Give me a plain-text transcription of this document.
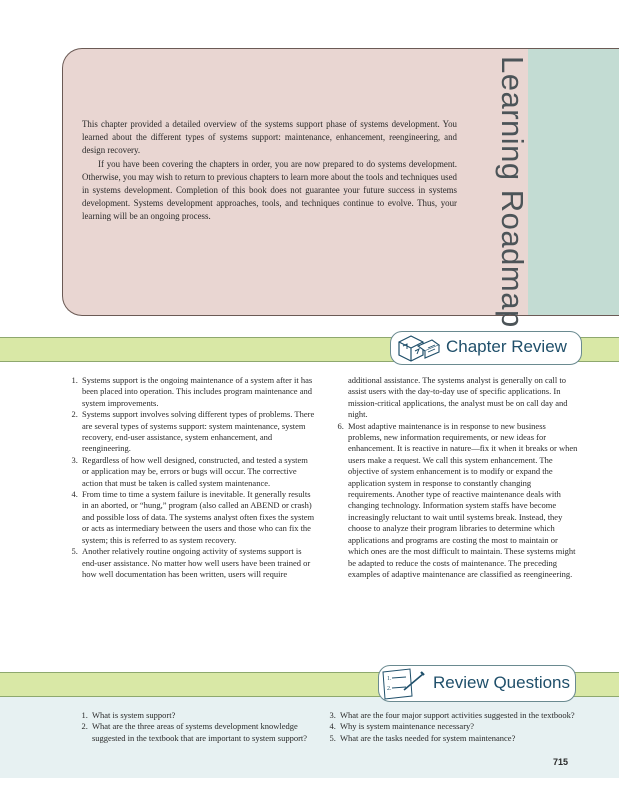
This chapter provided a detailed overview of the systems support phase of systems development. You learned about the different types of systems support: maintenance, enhancement, reengineering, and design recovery.

If you have been covering the chapters in order, you are now prepared to do systems development. Otherwise, you may wish to return to previous chapters to learn more about the tools and techniques used in systems development. Completion of this book does not guarantee your future success in systems development. Systems development approaches, tools, and techniques continue to evolve. Thus, your learning will be an ongoing process.	Learning Roadmap
Chapter Review
1. Systems support is the ongoing maintenance of a system after it has been placed into operation. This includes program maintenance and system improvements.
2. Systems support involves solving different types of problems. There are several types of systems support: system maintenance, system recovery, end-user assistance, system enhancement, and reengineering.
3. Regardless of how well designed, constructed, and tested a system or application may be, errors or bugs will occur. The corrective action that must be taken is called system maintenance.
4. From time to time a system failure is inevitable. It generally results in an aborted, or “hung,” program (also called an ABEND or crash) and possible loss of data. The systems analyst often fixes the system or acts as intermediary between the users and those who can fix the system; this is referred to as system recovery.
5. Another relatively routine ongoing activity of systems support is end-user assistance. No matter how well users have been trained or how well documentation has been written, users will require

additional assistance. The systems analyst is generally on call to assist users with the day-to-day use of specific applications. In mission-critical applications, the analyst must be on call day and night.

6. Most adaptive maintenance is in response to new business problems, new information requirements, or new ideas for enhancement. It is reactive in nature—fix it when it breaks or when users make a request. We call this system enhancement. The objective of system enhancement is to modify or expand the application system in response to constantly changing requirements. Another type of reactive maintenance deals with changing technology. Information system staffs have become increasingly reluctant to wait until systems break. Instead, they choose to analyze their program libraries to determine which applications and programs are costing the most to maintain or which ones are the most difficult to maintain. These systems might be adapted to reduce the costs of maintenance. The preceding examples of adaptive maintenance are classified as reengineering.
1.
2. Review Questions
1. What is system support?
2. What are the three areas of systems development knowledge suggested in the textbook that are important to system support?
3. What are the four major support activities suggested in the textbook?
4. Why is system maintenance necessary?
5. What are the tasks needed for system maintenance?
715
